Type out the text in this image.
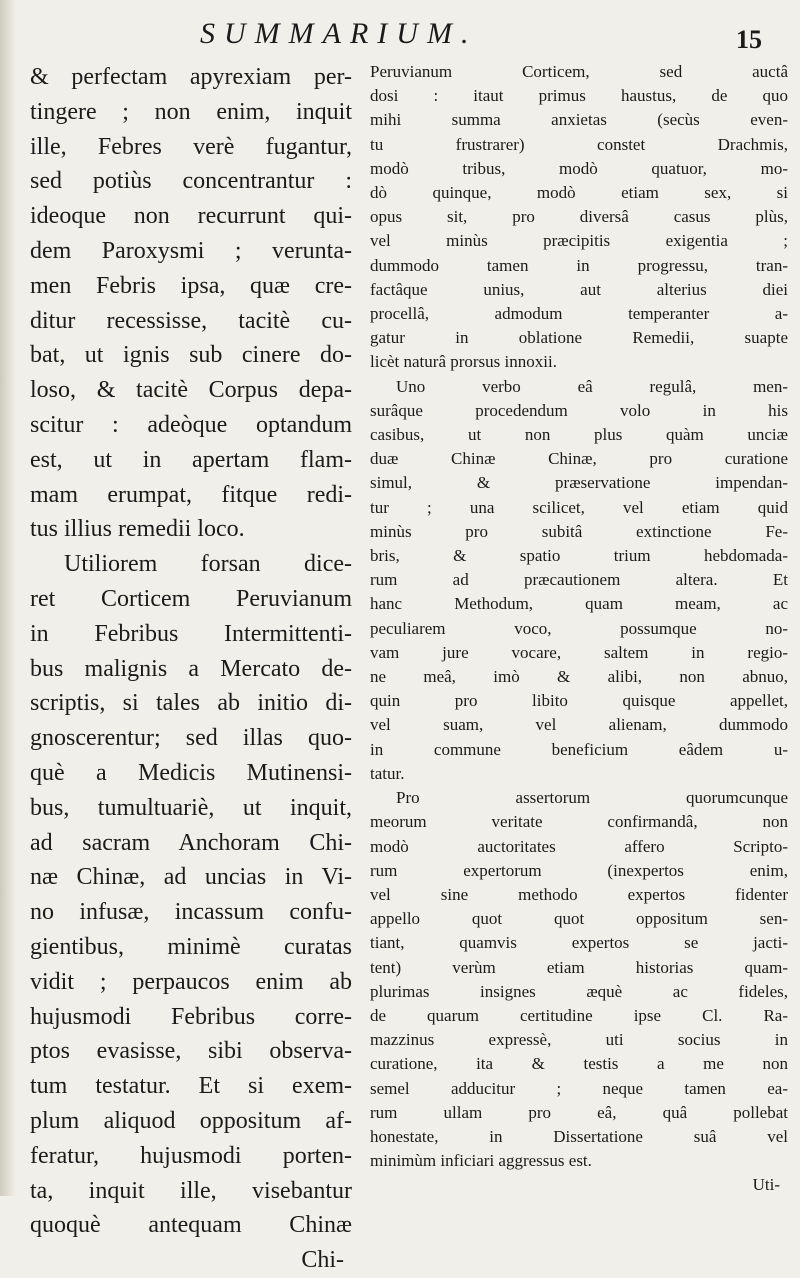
SUMMARIUM.	15

& perfectam apyrexiam per-

tingere ; non enim, inquit

ille, Febres verè fugantur,

sed potiùs concentrantur :

ideoque non recurrunt qui-

dem Paroxysmi ; verunta-

men Febris ipsa, quæ cre-

ditur recessisse, tacitè cu-

bat, ut ignis sub cinere do-

loso, & tacitè Corpus depa-

scitur : adeòque optandum

est, ut in apertam flam-

mam erumpat, fitque redi-

tus illius remedii loco.

Utiliorem forsan dice-

ret Corticem Peruvianum

in Febribus Intermittenti-

bus malignis a Mercato de-

scriptis, si tales ab initio di-

gnoscerentur; sed illas quo-

què a Medicis Mutinensi-

bus, tumultuariè, ut inquit,

ad sacram Anchoram Chi-

næ Chinæ, ad uncias in Vi-

no infusæ, incassum confu-

gientibus, minimè curatas

vidit ; perpaucos enim ab

hujusmodi Febribus corre-

ptos evasisse, sibi observa-

tum testatur. Et si exem-

plum aliquod oppositum af-

feratur, hujusmodi porten-

ta, inquit ille, visebantur

quoquè antequam Chinæ

Chi-

Peruvianum Corticem, sed auctâ

dosi : itaut primus haustus, de quo

mihi summa anxietas (secùs even-

tu frustrarer) constet Drachmis,

modò tribus, modò quatuor, mo-

dò quinque, modò etiam sex, si

opus sit, pro diversâ casus plùs,

vel minùs præcipitis exigentia ;

dummodo tamen in progressu, tran-

factâque unius, aut alterius diei

procellâ, admodum temperanter a-

gatur in oblatione Remedii, suapte

licèt naturâ prorsus innoxii.

Uno verbo eâ regulâ, men-

surâque procedendum volo in his

casibus, ut non plus quàm unciæ

duæ Chinæ Chinæ, pro curatione

simul, & præservatione impendan-

tur ; una scilicet, vel etiam quid

minùs pro subitâ extinctione Fe-

bris, & spatio trium hebdomada-

rum ad præcautionem altera. Et

hanc Methodum, quam meam, ac

peculiarem voco, possumque no-

vam jure vocare, saltem in regio-

ne meâ, imò & alibi, non abnuo,

quin pro libito quisque appellet,

vel suam, vel alienam, dummodo

in commune beneficium eâdem u-

tatur.

Pro assertorum quorumcunque

meorum veritate confirmandâ, non

modò auctoritates affero Scripto-

rum expertorum (inexpertos enim,

vel sine methodo expertos fidenter

appello quot quot oppositum sen-

tiant, quamvis expertos se jacti-

tent) verùm etiam historias quam-

plurimas insignes æquè ac fideles,

de quarum certitudine ipse Cl. Ra-

mazzinus expressè, uti socius in

curatione, ita & testis a me non

semel adducitur ; neque tamen ea-

rum ullam pro eâ, quâ pollebat

honestate, in Dissertatione suâ vel

minimùm inficiari aggressus est.

Uti-
